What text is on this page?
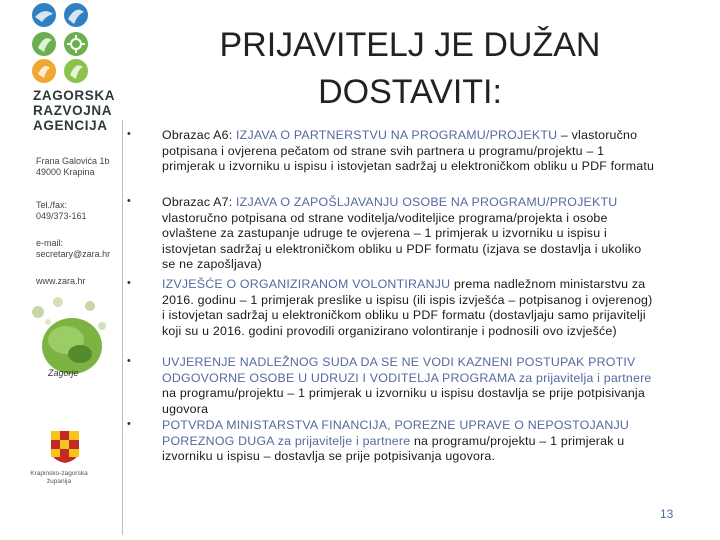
ZAGORSKA
RAZVOJNA
AGENCIJA
Frana Galovića 1b
49000 Krapina
Tel./fax:
049/373-161
e-mail:
secretary@zara.hr
www.zara.hr
Zagorje
Krapinsko-zagorska županija
PRIJAVITELJ JE DUŽAN
DOSTAVITI:
•	Obrazac A6: IZJAVA O PARTNERSTVU NA PROGRAMU/PROJEKTU – vlastoručno potpisana i ovjerena pečatom od strane svih partnera u programu/projektu – 1 primjerak u izvorniku u ispisu i istovjetan sadržaj u elektroničkom obliku u PDF formatu
•	Obrazac A7: IZJAVA O ZAPOŠLJAVANJU OSOBE NA PROGRAMU/PROJEKTU vlastoručno potpisana od strane voditelja/voditeljice programa/projekta i osobe ovlaštene za zastupanje udruge te ovjerena – 1 primjerak u izvorniku u ispisu i istovjetan sadržaj u elektroničkom obliku u PDF formatu (izjava se dostavlja i ukoliko se ne zapošljava)
•	IZVJEŠĆE O ORGANIZIRANOM VOLONTIRANJU prema nadležnom ministarstvu za 2016. godinu – 1 primjerak preslike u ispisu (ili ispis izvješća – potpisanog i ovjerenog) i istovjetan sadržaj u elektroničkom obliku u PDF formatu (dostavljaju samo prijavitelji koji su u 2016. godini provodili organizirano volontiranje i podnosili ovo izvješće)
•	UVJERENJE NADLEŽNOG SUDA DA SE NE VODI KAZNENI POSTUPAK PROTIV ODGOVORNE OSOBE U UDRUZI I VODITELJA PROGRAMA za prijavitelja i partnere na programu/projektu – 1 primjerak u izvorniku u ispisu dostavlja se prije potpisivanja ugovora
•	POTVRDA MINISTARSTVA FINANCIJA, POREZNE UPRAVE O NEPOSTOJANJU POREZNOG DUGA za prijavitelje i partnere na programu/projektu – 1 primjerak u izvorniku u ispisu – dostavlja se prije potpisivanja ugovora.
13
